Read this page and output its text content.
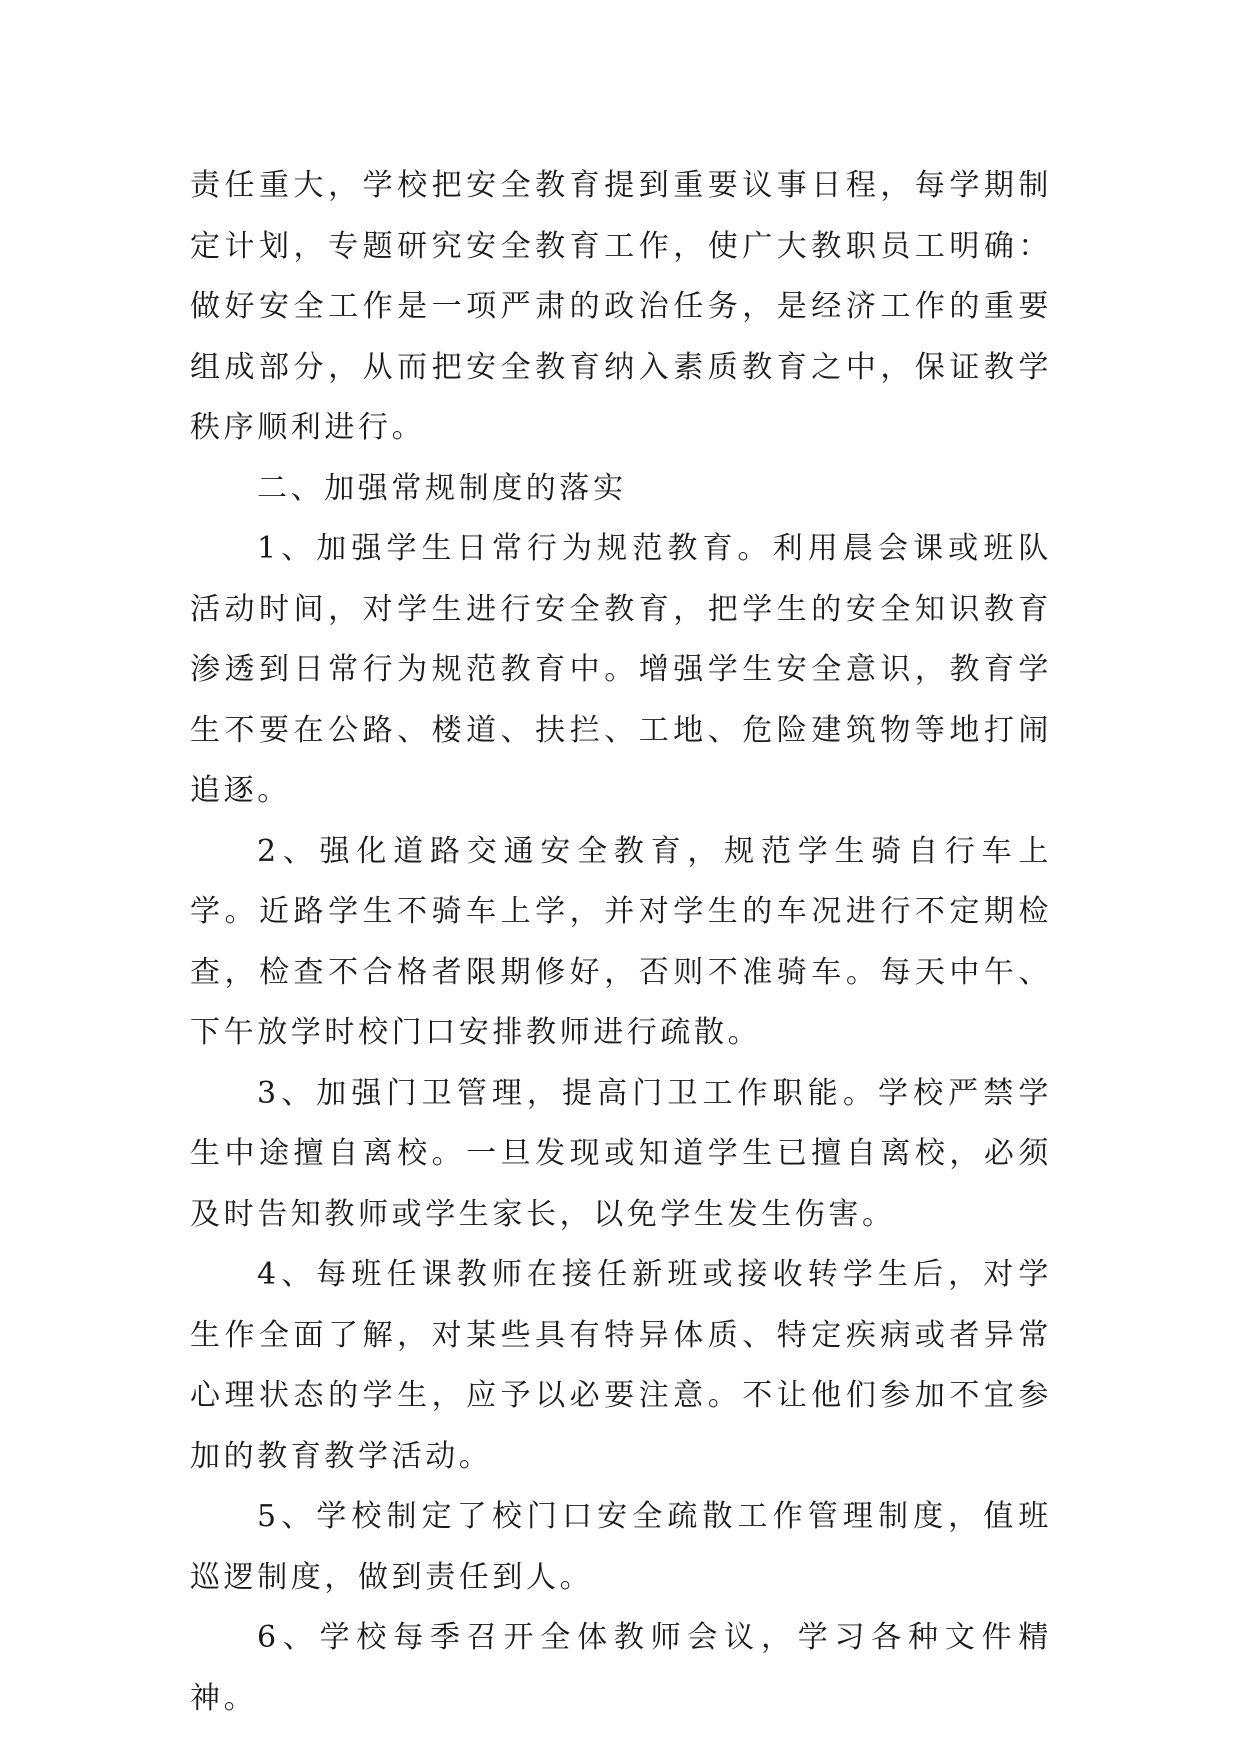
责任重大，学校把安全教育提到重要议事日程，每学期制定计划，专题研究安全教育工作，使广大教职员工明确：做好安全工作是一项严肃的政治任务，是经济工作的重要组成部分，从而把安全教育纳入素质教育之中，保证教学秩序顺利进行。

二、加强常规制度的落实

1、加强学生日常行为规范教育。利用晨会课或班队活动时间，对学生进行安全教育，把学生的安全知识教育渗透到日常行为规范教育中。增强学生安全意识，教育学生不要在公路、楼道、扶拦、工地、危险建筑物等地打闹追逐。

2、强化道路交通安全教育，规范学生骑自行车上学。近路学生不骑车上学，并对学生的车况进行不定期检查，检查不合格者限期修好，否则不准骑车。每天中午、下午放学时校门口安排教师进行疏散。

3、加强门卫管理，提高门卫工作职能。学校严禁学生中途擅自离校。一旦发现或知道学生已擅自离校，必须及时告知教师或学生家长，以免学生发生伤害。

4、每班任课教师在接任新班或接收转学生后，对学生作全面了解，对某些具有特异体质、特定疾病或者异常心理状态的学生，应予以必要注意。不让他们参加不宜参加的教育教学活动。

5、学校制定了校门口安全疏散工作管理制度，值班巡逻制度，做到责任到人。

6、学校每季召开全体教师会议，学习各种文件精神。
